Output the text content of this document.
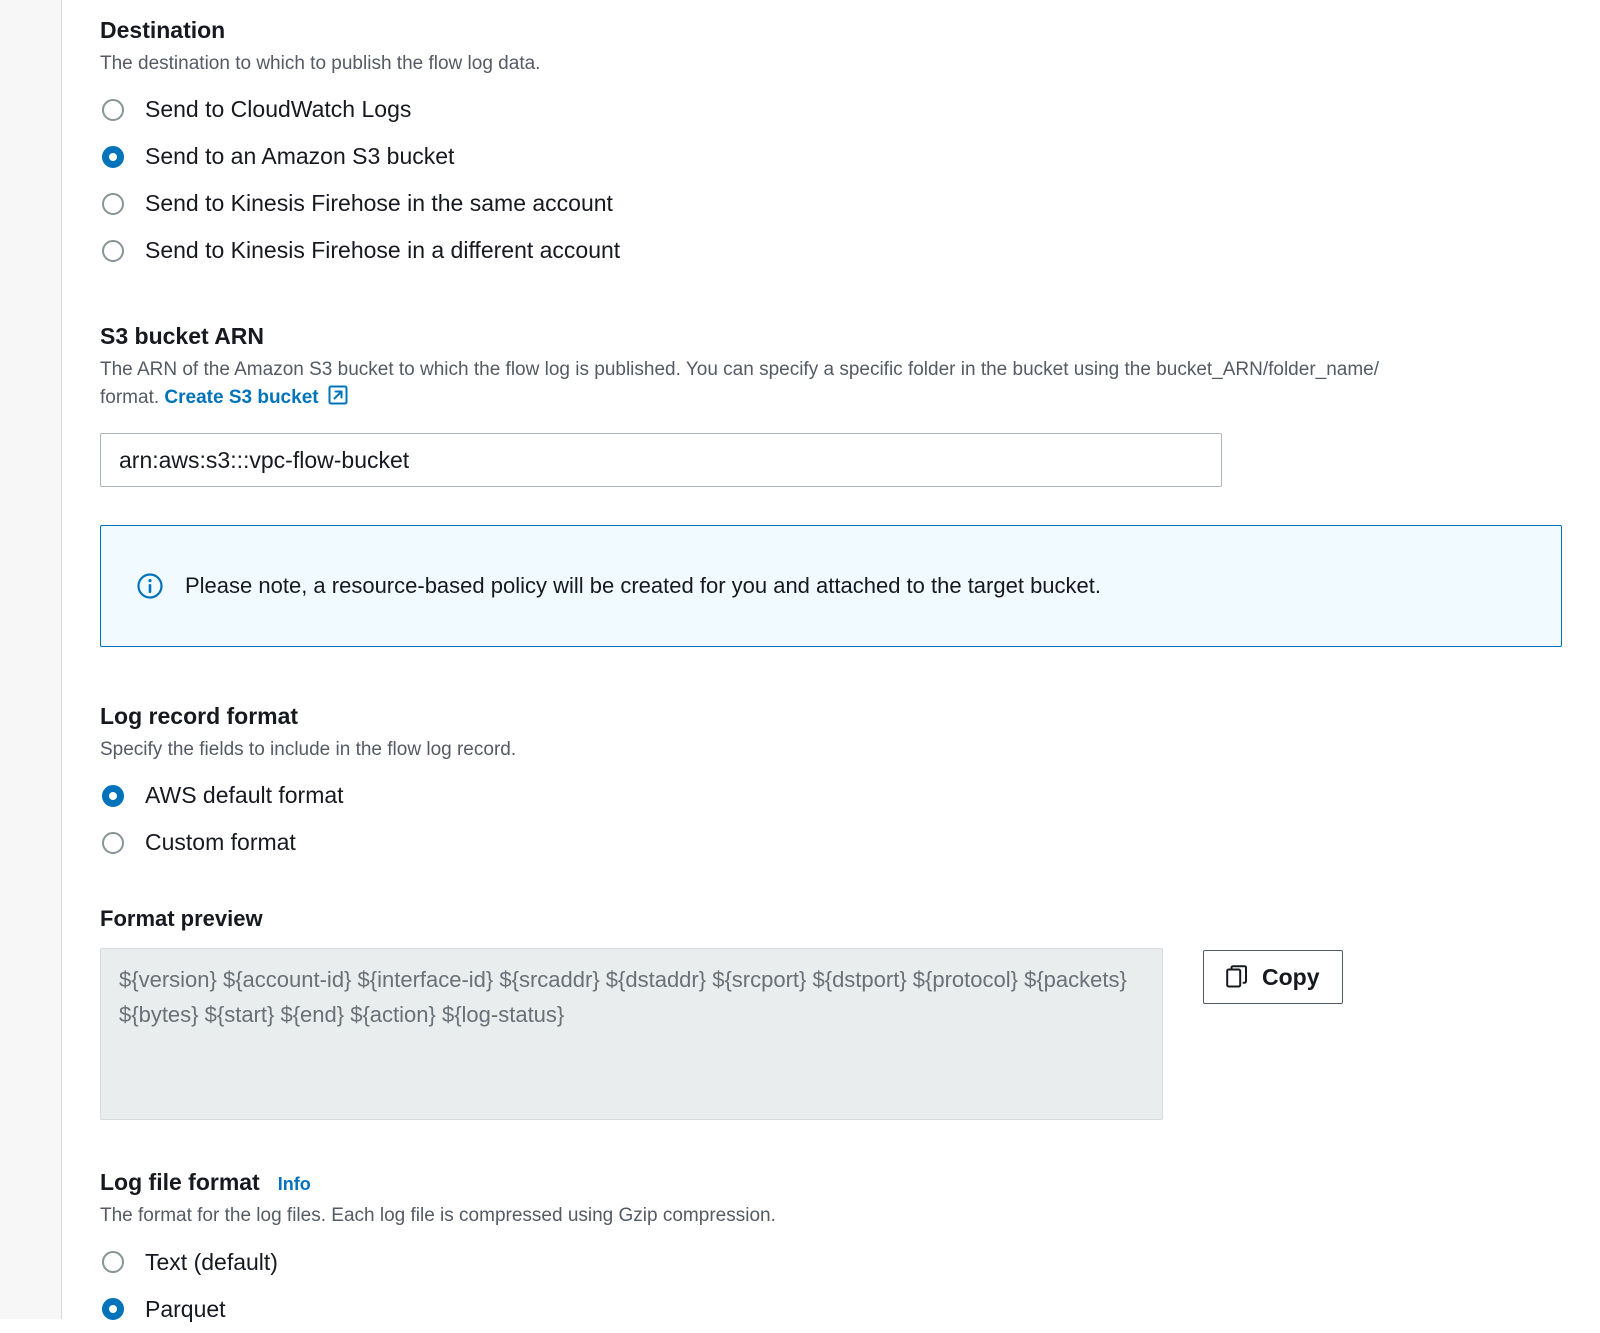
Destination
The destination to which to publish the flow log data.
Send to CloudWatch Logs
Send to an Amazon S3 bucket
Send to Kinesis Firehose in the same account
Send to Kinesis Firehose in a different account
S3 bucket ARN
The ARN of the Amazon S3 bucket to which the flow log is published. You can specify a specific folder in the bucket using the bucket_ARN/folder_name/ format. Create S3 bucket
arn:aws:s3:::vpc-flow-bucket
Please note, a resource-based policy will be created for you and attached to the target bucket.
Log record format
Specify the fields to include in the flow log record.
AWS default format
Custom format
Format preview
${version} ${account-id} ${interface-id} ${srcaddr} ${dstaddr} ${srcport} ${dstport} ${protocol} ${packets} ${bytes} ${start} ${end} ${action} ${log-status}
Copy
Log file format Info
The format for the log files. Each log file is compressed using Gzip compression.
Text (default)
Parquet
